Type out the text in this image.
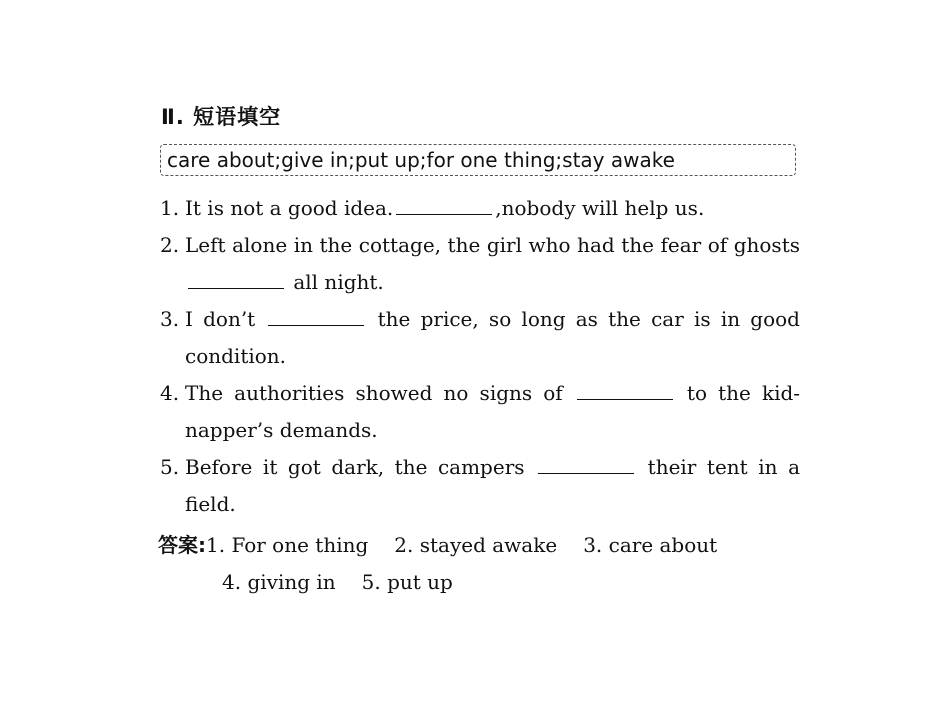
Ⅱ. 短语填空
care about;give in;put up;for one thing;stay awake
1. It is not a good idea.	,nobody will help us.
2. Left alone in the cottage, the girl who had the fear of ghosts  all night.
3. I don’t	the price, so long as the car is in good condition.
4. The authorities showed no signs of	to the kid-napper’s demands.
5. Before it got dark, the campers	their tent in a field.
答案:1. For one thing 2. stayed awake 3. care about
4. giving in 5. put up
